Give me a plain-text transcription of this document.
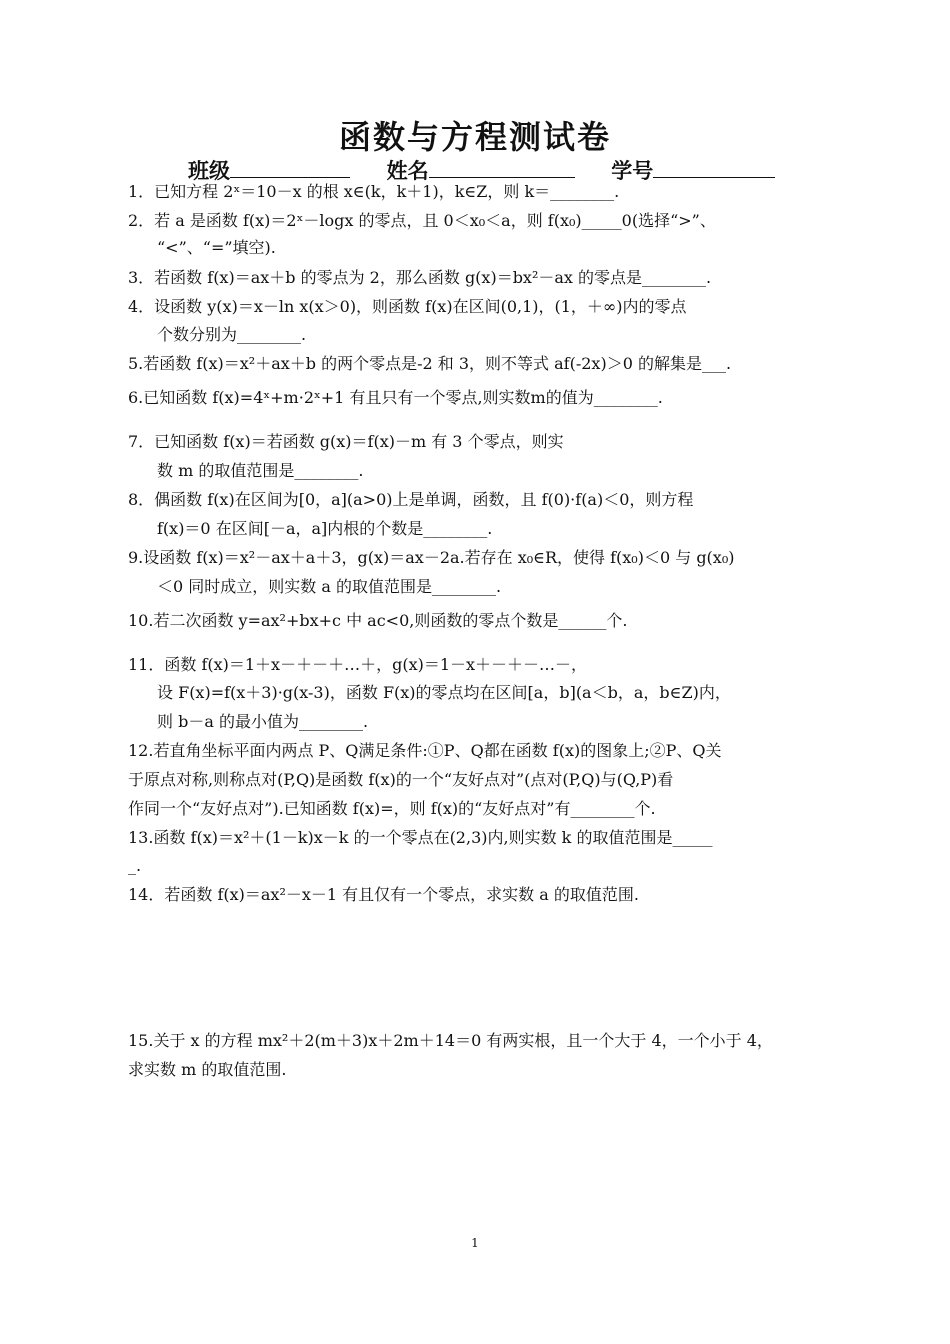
函数与方程测试卷
班级	姓名	学号
1．已知方程 2ˣ＝10－x 的根 x∈(k，k＋1)，k∈Z，则 k＝________.
2．若 a 是函数 f(x)＝2ˣ－logx 的零点，且 0＜x₀＜a，则 f(x₀)_____0(选择“>”、
“<”、“=”填空).
3．若函数 f(x)＝ax＋b 的零点为 2，那么函数 g(x)＝bx²－ax 的零点是________.
4．设函数 y(x)＝x－ln x(x＞0)，则函数 f(x)在区间(0,1)，(1，＋∞)内的零点
个数分别为________.
5.若函数 f(x)＝x²＋ax＋b 的两个零点是-2 和 3，则不等式 af(-2x)＞0 的解集是___.
6.已知函数 f(x)=4ˣ+m·2ˣ+1 有且只有一个零点,则实数m的值为________.
7．已知函数 f(x)＝若函数 g(x)＝f(x)－m 有 3 个零点，则实
数 m 的取值范围是________.
8．偶函数 f(x)在区间为[0，a](a>0)上是单调，函数，且 f(0)·f(a)＜0，则方程
f(x)＝0 在区间[－a，a]内根的个数是________.
9.设函数 f(x)＝x²－ax＋a＋3，g(x)＝ax－2a.若存在 x₀∈R，使得 f(x₀)＜0 与 g(x₀)
＜0 同时成立，则实数 a 的取值范围是________.
10.若二次函数 y=ax²+bx+c 中 ac<0,则函数的零点个数是______个.
11．函数 f(x)＝1＋x－＋－＋…＋，g(x)＝1－x＋－＋－…－，
设 F(x)=f(x＋3)·g(x-3)，函数 F(x)的零点均在区间[a，b](a＜b，a，b∈Z)内，
则 b－a 的最小值为________.
12.若直角坐标平面内两点 P、Q满足条件:①P、Q都在函数 f(x)的图象上;②P、Q关
于原点对称,则称点对(P,Q)是函数 f(x)的一个“友好点对”(点对(P,Q)与(Q,P)看
作同一个“友好点对”).已知函数 f(x)=，则 f(x)的“友好点对”有________个.
13.函数 f(x)＝x²＋(1－k)x－k 的一个零点在(2,3)内,则实数 k 的取值范围是_____
_.
14．若函数 f(x)＝ax²－x－1 有且仅有一个零点，求实数 a 的取值范围.
15.关于 x 的方程 mx²＋2(m＋3)x＋2m＋14＝0 有两实根，且一个大于 4，一个小于 4，
求实数 m 的取值范围.
1
